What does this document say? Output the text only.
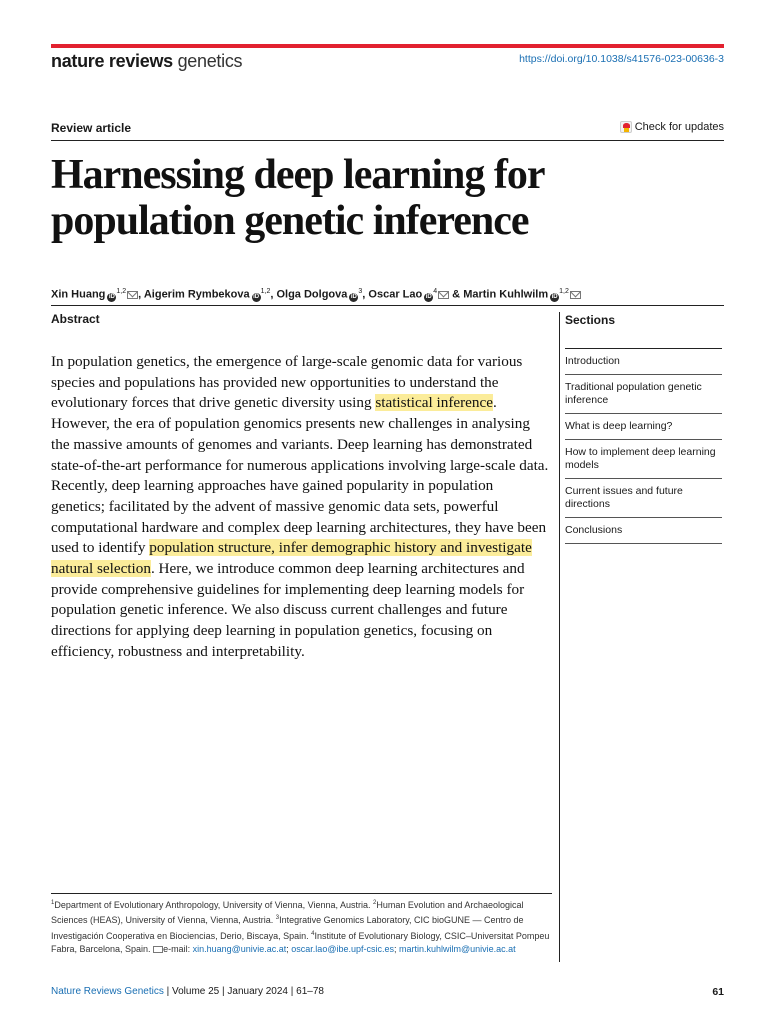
nature reviews genetics	https://doi.org/10.1038/s41576-023-00636-3
Review article	Check for updates
Harnessing deep learning for population genetic inference
Xin Huang iD$^{1,2}$ , Aigerim Rymbekova iD$^{1,2}$, Olga Dolgova $iD^3$, Oscar Lao $iD^4$ & Martin Kuhlwilm iD$^{1,2}$
Abstract

In population genetics, the emergence of large-scale genomic data for various species and populations has provided new opportunities to understand the evolutionary forces that drive genetic diversity using statistical inference. However, the era of population genomics presents new challenges in analysing the massive amounts of genomes and variants. Deep learning has demonstrated state-of-the-art performance for numerous applications involving large-scale data. Recently, deep learning approaches have gained popularity in population genetics; facilitated by the advent of massive genomic data sets, powerful computational hardware and complex deep learning architectures, they have been used to identify population structure, infer demographic history and investigate natural selection. Here, we introduce common deep learning architectures and provide comprehensive guidelines for implementing deep learning models for population genetic inference. We also discuss current challenges and future directions for applying deep learning in population genetics, focusing on efficiency, robustness and interpretability.

Sections
Introduction
Traditional population genetic inference
What is deep learning?
How to implement deep learning models
Current issues and future directions
Conclusions
$^1$Department of Evolutionary Anthropology, University of Vienna, Vienna, Austria. $^2$Human Evolution and Archaeological Sciences (HEAS), University of Vienna, Vienna, Austria. $^3$Integrative Genomics Laboratory, CIC bioGUNE — Centro de Investigación Cooperativa en Biociencias, Derio, Biscaya, Spain. $^4$Institute of Evolutionary Biology, CSIC–Universitat Pompeu Fabra, Barcelona, Spain. e-mail: xin.huang@univie.ac.at; oscar.lao@ibe.upf-csic.es; martin.kuhlwilm@univie.ac.at
Nature Reviews Genetics | Volume 25 | January 2024 | 61–78	61
